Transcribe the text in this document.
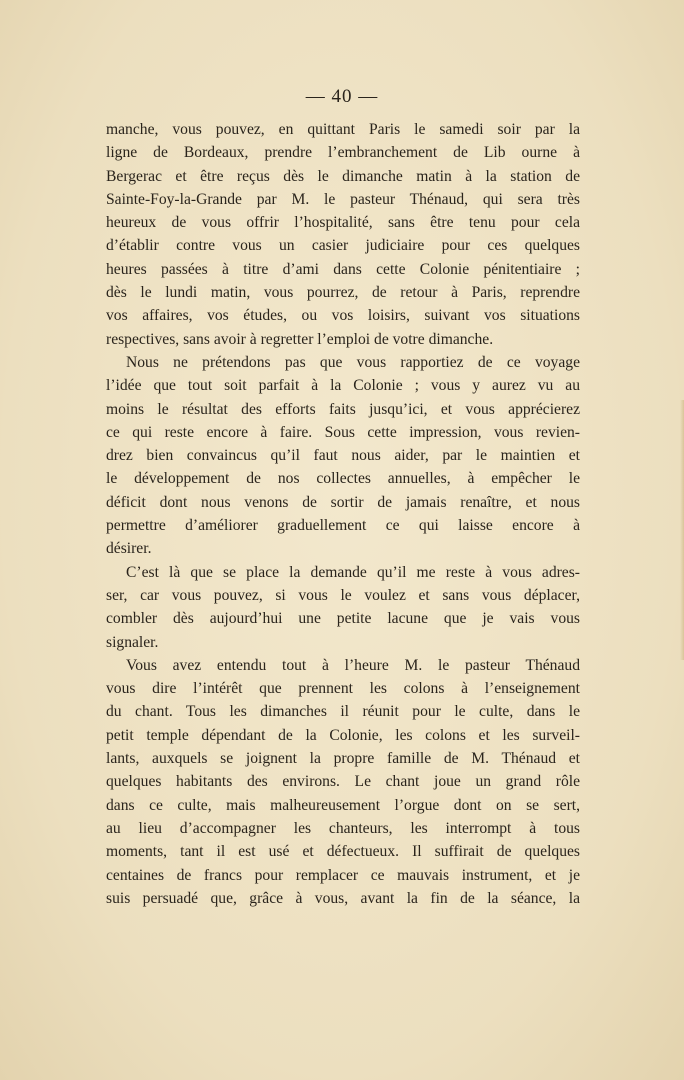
— 40 —
manche, vous pouvez, en quittant Paris le samedi soir par la
ligne de Bordeaux, prendre l’embranchement de Lib ourne à
Bergerac et être reçus dès le dimanche matin à la station de
Sainte-Foy-la-Grande par M. le pasteur Thénaud, qui sera très
heureux de vous offrir l’hospitalité, sans être tenu pour cela
d’établir contre vous un casier judiciaire pour ces quelques
heures passées à titre d’ami dans cette Colonie pénitentiaire ;
dès le lundi matin, vous pourrez, de retour à Paris, reprendre
vos affaires, vos études, ou vos loisirs, suivant vos situations
respectives, sans avoir à regretter l’emploi de votre dimanche.
Nous ne prétendons pas que vous rapportiez de ce voyage
l’idée que tout soit parfait à la Colonie ; vous y aurez vu au
moins le résultat des efforts faits jusqu’ici, et vous apprécierez
ce qui reste encore à faire. Sous cette impression, vous revien-
drez bien convaincus qu’il faut nous aider, par le maintien et
le développement de nos collectes annuelles, à empêcher le
déficit dont nous venons de sortir de jamais renaître, et nous
permettre d’améliorer graduellement ce qui laisse encore à
désirer.
C’est là que se place la demande qu’il me reste à vous adres-
ser, car vous pouvez, si vous le voulez et sans vous déplacer,
combler dès aujourd’hui une petite lacune que je vais vous
signaler.
Vous avez entendu tout à l’heure M. le pasteur Thénaud
vous dire l’intérêt que prennent les colons à l’enseignement
du chant. Tous les dimanches il réunit pour le culte, dans le
petit temple dépendant de la Colonie, les colons et les surveil-
lants, auxquels se joignent la propre famille de M. Thénaud et
quelques habitants des environs. Le chant joue un grand rôle
dans ce culte, mais malheureusement l’orgue dont on se sert,
au lieu d’accompagner les chanteurs, les interrompt à tous
moments, tant il est usé et défectueux. Il suffirait de quelques
centaines de francs pour remplacer ce mauvais instrument, et je
suis persuadé que, grâce à vous, avant la fin de la séance, la
